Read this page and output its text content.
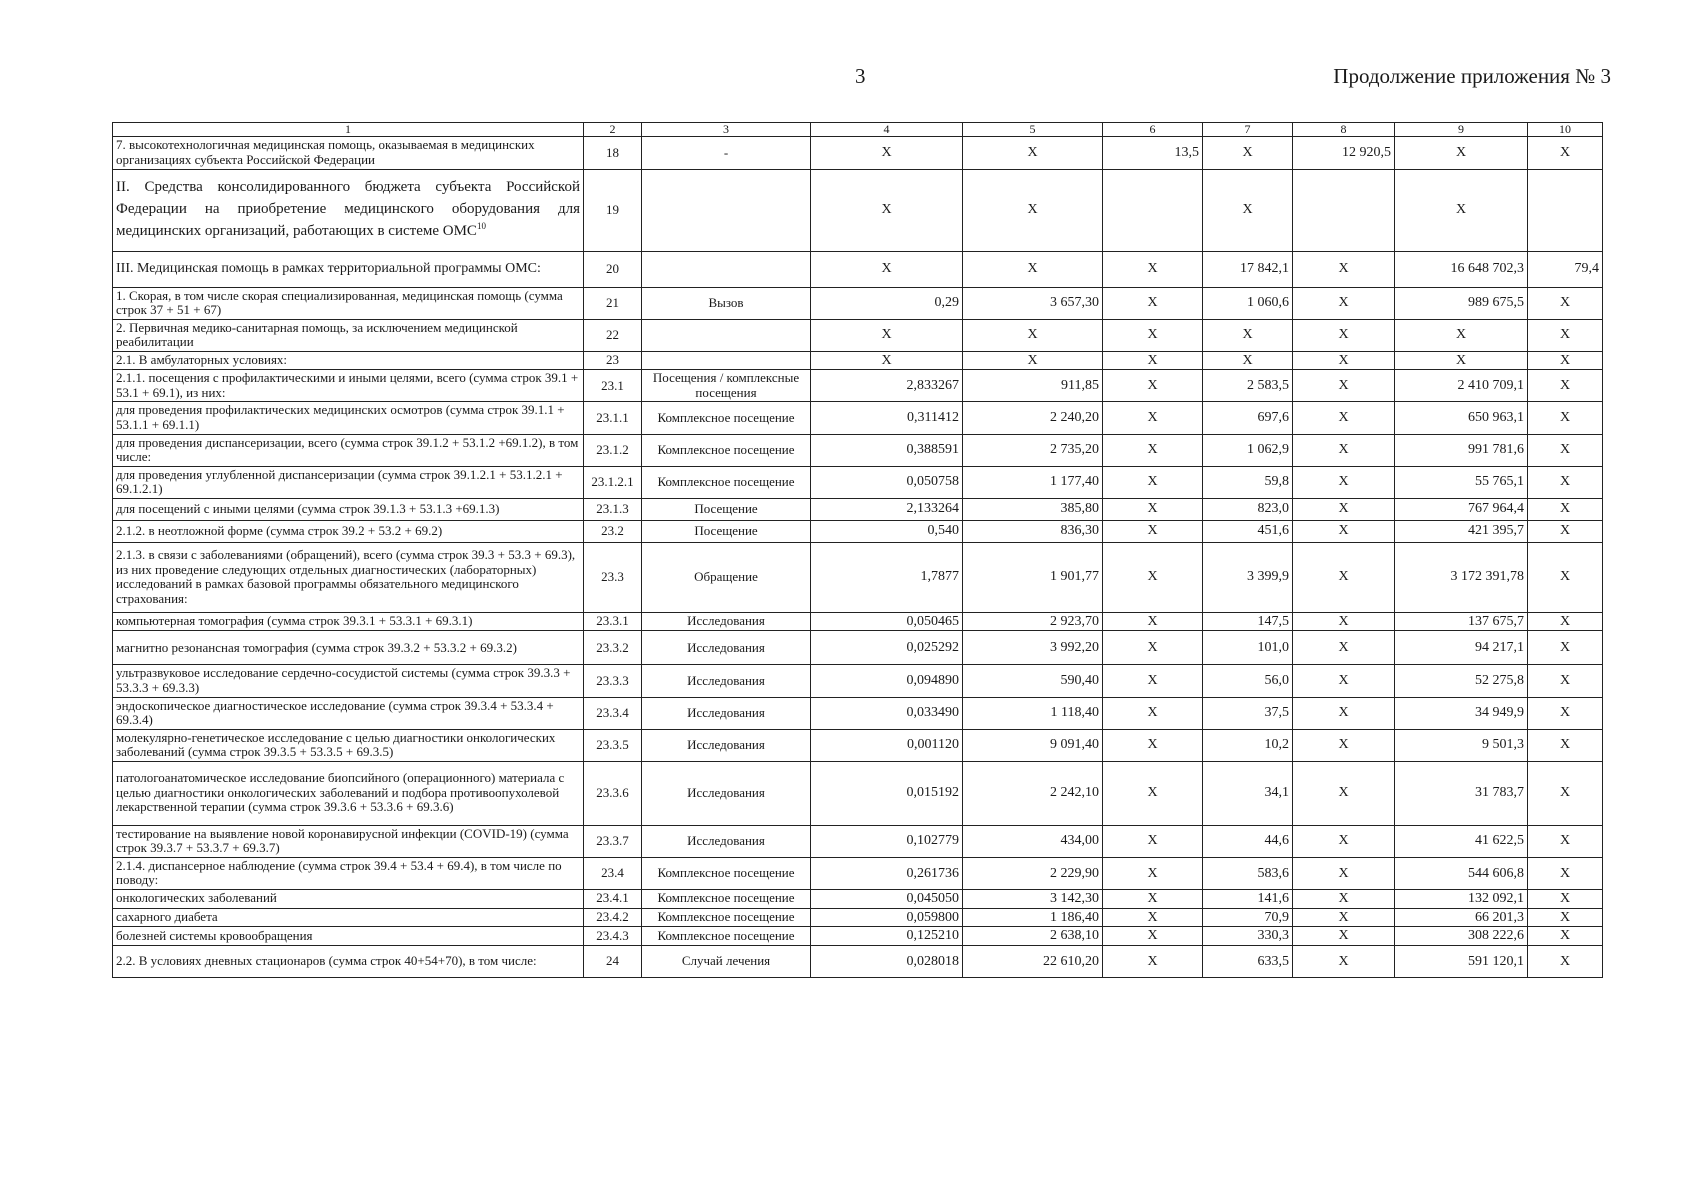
3	Продолжение приложения № 3
1	2	3	4	5	6	7	8	9	10
7. высокотехнологичная медицинская помощь, оказываемая в медицинских организациях субъекта Российской Федерации	18	-	Х	Х	13,5	Х	12 920,5	Х	Х
II. Средства консолидированного бюджета субъекта Российской Федерации на приобретение медицинского оборудования для медицинских организаций, работающих в системе ОМС$^{10}$	19		Х	Х		Х		Х	
III. Медицинская помощь в рамках территориальной программы ОМС:	20		Х	Х	Х	17 842,1	Х	16 648 702,3	79,4
1. Скорая, в том числе скорая специализированная, медицинская помощь (сумма строк 37 + 51 + 67)	21	Вызов	0,29	3 657,30	Х	1 060,6	Х	989 675,5	Х
2. Первичная медико-санитарная помощь, за исключением медицинской реабилитации	22		Х	Х	Х	Х	Х	Х	Х
2.1. В амбулаторных условиях:	23		Х	Х	Х	Х	Х	Х	Х
2.1.1. посещения с профилактическими и иными целями, всего (сумма строк 39.1 + 53.1 + 69.1), из них:	23.1	Посещения / комплексные посещения	2,833267	911,85	Х	2 583,5	Х	2 410 709,1	Х
для проведения профилактических медицинских осмотров (сумма строк 39.1.1 + 53.1.1 + 69.1.1)	23.1.1	Комплексное посещение	0,311412	2 240,20	Х	697,6	Х	650 963,1	Х
для проведения диспансеризации, всего (сумма строк 39.1.2 + 53.1.2 +69.1.2), в том числе:	23.1.2	Комплексное посещение	0,388591	2 735,20	Х	1 062,9	Х	991 781,6	Х
для проведения углубленной диспансеризации (сумма строк 39.1.2.1 + 53.1.2.1 + 69.1.2.1)	23.1.2.1	Комплексное посещение	0,050758	1 177,40	Х	59,8	Х	55 765,1	Х
для посещений с иными целями (сумма строк 39.1.3 + 53.1.3 +69.1.3)	23.1.3	Посещение	2,133264	385,80	Х	823,0	Х	767 964,4	Х
2.1.2. в неотложной форме (сумма строк 39.2 + 53.2 + 69.2)	23.2	Посещение	0,540	836,30	Х	451,6	Х	421 395,7	Х
2.1.3. в связи с заболеваниями (обращений), всего (сумма строк 39.3 + 53.3 + 69.3), из них проведение следующих отдельных диагностических (лабораторных) исследований в рамках базовой программы обязательного медицинского страхования:	23.3	Обращение	1,7877	1 901,77	Х	3 399,9	Х	3 172 391,78	Х
компьютерная томография (сумма строк 39.3.1 + 53.3.1 + 69.3.1)	23.3.1	Исследования	0,050465	2 923,70	Х	147,5	Х	137 675,7	Х
магнитно резонансная томография (сумма строк 39.3.2 + 53.3.2 + 69.3.2)	23.3.2	Исследования	0,025292	3 992,20	Х	101,0	Х	94 217,1	Х
ультразвуковое исследование сердечно-сосудистой системы (сумма строк 39.3.3 + 53.3.3 + 69.3.3)	23.3.3	Исследования	0,094890	590,40	Х	56,0	Х	52 275,8	Х
эндоскопическое диагностическое исследование (сумма строк 39.3.4 + 53.3.4 + 69.3.4)	23.3.4	Исследования	0,033490	1 118,40	Х	37,5	Х	34 949,9	Х
молекулярно-генетическое исследование с целью диагностики онкологических заболеваний (сумма строк 39.3.5 + 53.3.5 + 69.3.5)	23.3.5	Исследования	0,001120	9 091,40	Х	10,2	Х	9 501,3	Х
патологоанатомическое исследование биопсийного (операционного) материала с целью диагностики онкологических заболеваний и подбора противоопухолевой лекарственной терапии (сумма строк 39.3.6 + 53.3.6 + 69.3.6)	23.3.6	Исследования	0,015192	2 242,10	Х	34,1	Х	31 783,7	Х
тестирование на выявление новой коронавирусной инфекции (COVID-19) (сумма строк 39.3.7 + 53.3.7 + 69.3.7)	23.3.7	Исследования	0,102779	434,00	Х	44,6	Х	41 622,5	Х
2.1.4. диспансерное наблюдение (сумма строк 39.4 + 53.4 + 69.4), в том числе по поводу:	23.4	Комплексное посещение	0,261736	2 229,90	Х	583,6	Х	544 606,8	Х
онкологических заболеваний	23.4.1	Комплексное посещение	0,045050	3 142,30	Х	141,6	Х	132 092,1	Х
сахарного диабета	23.4.2	Комплексное посещение	0,059800	1 186,40	Х	70,9	Х	66 201,3	Х
болезней системы кровообращения	23.4.3	Комплексное посещение	0,125210	2 638,10	Х	330,3	Х	308 222,6	Х
2.2. В условиях дневных стационаров (сумма строк 40+54+70), в том числе:	24	Случай лечения	0,028018	22 610,20	Х	633,5	Х	591 120,1	Х
